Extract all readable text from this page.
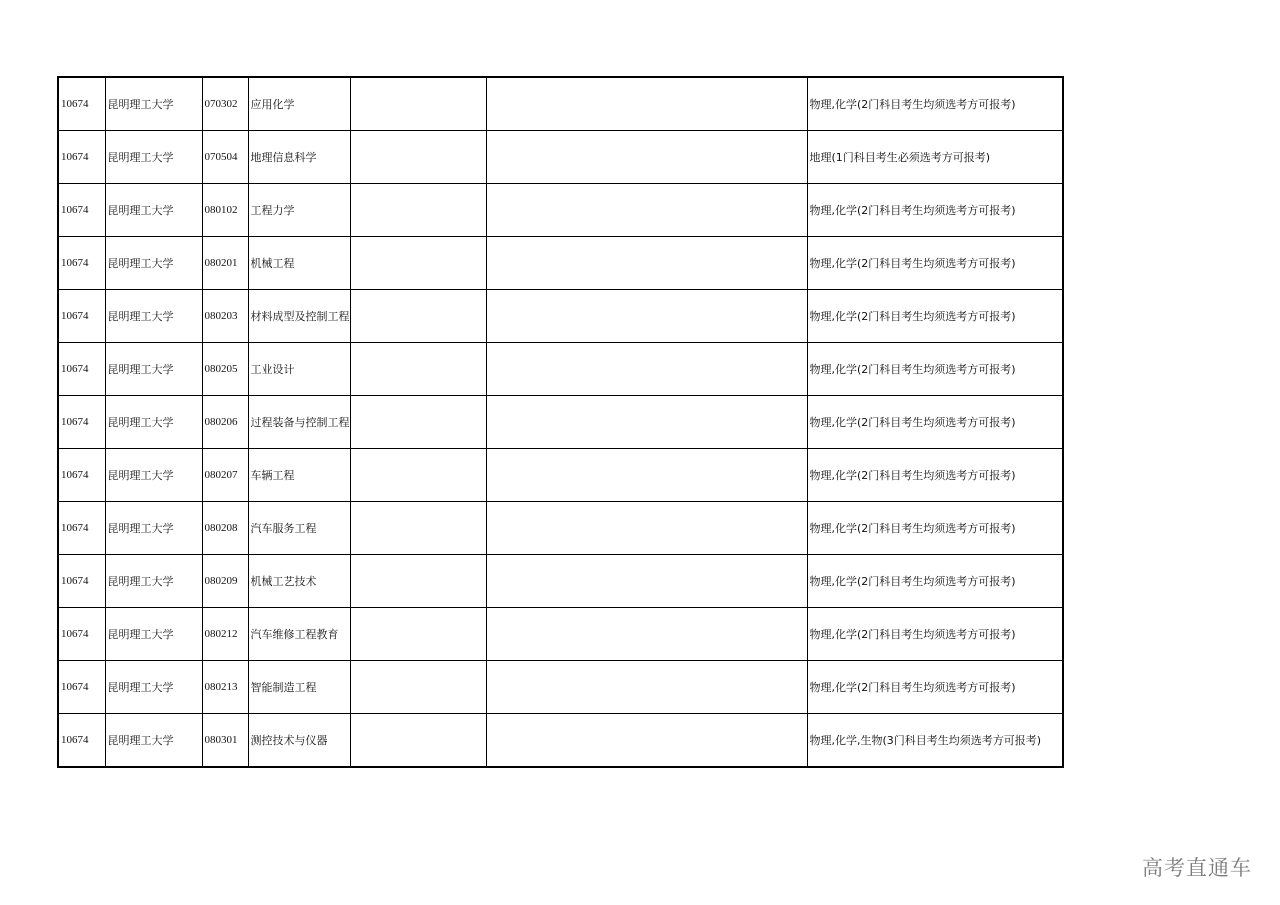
10674	昆明理工大学	070302	应用化学			物理,化学(2门科目考生均须选考方可报考)
10674	昆明理工大学	070504	地理信息科学			地理(1门科目考生必须选考方可报考)
10674	昆明理工大学	080102	工程力学			物理,化学(2门科目考生均须选考方可报考)
10674	昆明理工大学	080201	机械工程			物理,化学(2门科目考生均须选考方可报考)
10674	昆明理工大学	080203	材料成型及控制工程			物理,化学(2门科目考生均须选考方可报考)
10674	昆明理工大学	080205	工业设计			物理,化学(2门科目考生均须选考方可报考)
10674	昆明理工大学	080206	过程装备与控制工程			物理,化学(2门科目考生均须选考方可报考)
10674	昆明理工大学	080207	车辆工程			物理,化学(2门科目考生均须选考方可报考)
10674	昆明理工大学	080208	汽车服务工程			物理,化学(2门科目考生均须选考方可报考)
10674	昆明理工大学	080209	机械工艺技术			物理,化学(2门科目考生均须选考方可报考)
10674	昆明理工大学	080212	汽车维修工程教育			物理,化学(2门科目考生均须选考方可报考)
10674	昆明理工大学	080213	智能制造工程			物理,化学(2门科目考生均须选考方可报考)
10674	昆明理工大学	080301	测控技术与仪器			物理,化学,生物(3门科目考生均须选考方可报考)
高考直通车
